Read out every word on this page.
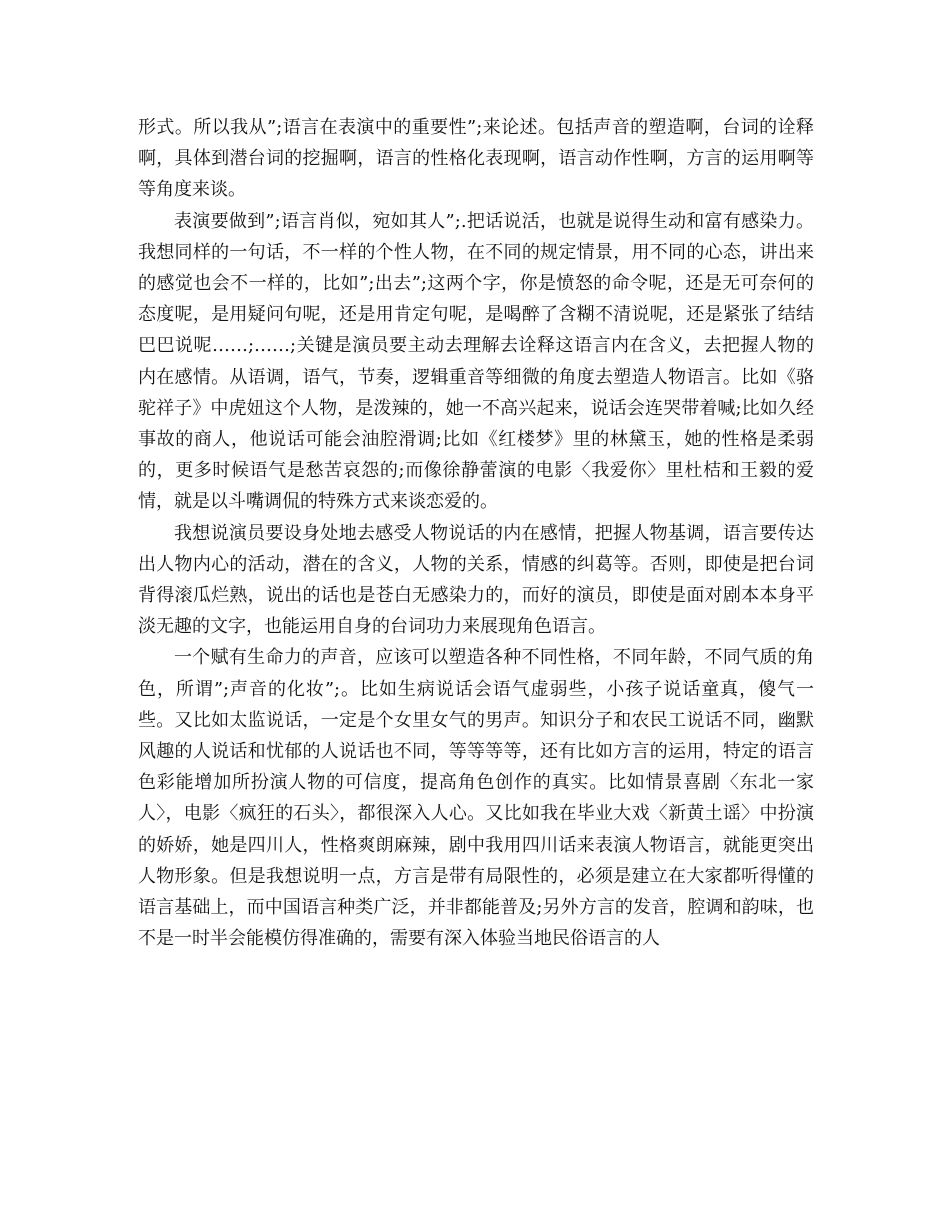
形式。所以我从”;语言在表演中的重要性”;来论述。包括声音的塑造啊，台词的诠释啊，具体到潜台词的挖掘啊，语言的性格化表现啊，语言动作性啊，方言的运用啊等等角度来谈。

表演要做到”;语言肖似，宛如其人”;.把话说活，也就是说得生动和富有感染力。我想同样的一句话，不一样的个性人物，在不同的规定情景，用不同的心态，讲出来的感觉也会不一样的，比如”;出去”;这两个字，你是愤怒的命令呢，还是无可奈何的态度呢，是用疑问句呢，还是用肯定句呢，是喝醉了含糊不清说呢，还是紧张了结结巴巴说呢……;……;关键是演员要主动去理解去诠释这语言内在含义，去把握人物的内在感情。从语调，语气，节奏，逻辑重音等细微的角度去塑造人物语言。比如《骆驼祥子》中虎妞这个人物，是泼辣的，她一不高兴起来，说话会连哭带着喊;比如久经事故的商人，他说话可能会油腔滑调;比如《红楼梦》里的林黛玉，她的性格是柔弱的，更多时候语气是愁苦哀怨的;而像徐静蕾演的电影〈我爱你〉里杜桔和王毅的爱情，就是以斗嘴调侃的特殊方式来谈恋爱的。

我想说演员要设身处地去感受人物说话的内在感情，把握人物基调，语言要传达出人物内心的活动，潜在的含义，人物的关系，情感的纠葛等。否则，即使是把台词背得滚瓜烂熟，说出的话也是苍白无感染力的，而好的演员，即使是面对剧本本身平淡无趣的文字，也能运用自身的台词功力来展现角色语言。

一个赋有生命力的声音，应该可以塑造各种不同性格，不同年龄，不同气质的角色，所谓”;声音的化妆”;。比如生病说话会语气虚弱些，小孩子说话童真，傻气一些。又比如太监说话，一定是个女里女气的男声。知识分子和农民工说话不同，幽默风趣的人说话和忧郁的人说话也不同，等等等等，还有比如方言的运用，特定的语言色彩能增加所扮演人物的可信度，提高角色创作的真实。比如情景喜剧〈东北一家人〉，电影〈疯狂的石头〉，都很深入人心。又比如我在毕业大戏〈新黄土谣〉中扮演的娇娇，她是四川人，性格爽朗麻辣，剧中我用四川话来表演人物语言，就能更突出人物形象。但是我想说明一点，方言是带有局限性的，必须是建立在大家都听得懂的语言基础上，而中国语言种类广泛，并非都能普及;另外方言的发音，腔调和韵味，也不是一时半会能模仿得准确的，需要有深入体验当地民俗语言的人
